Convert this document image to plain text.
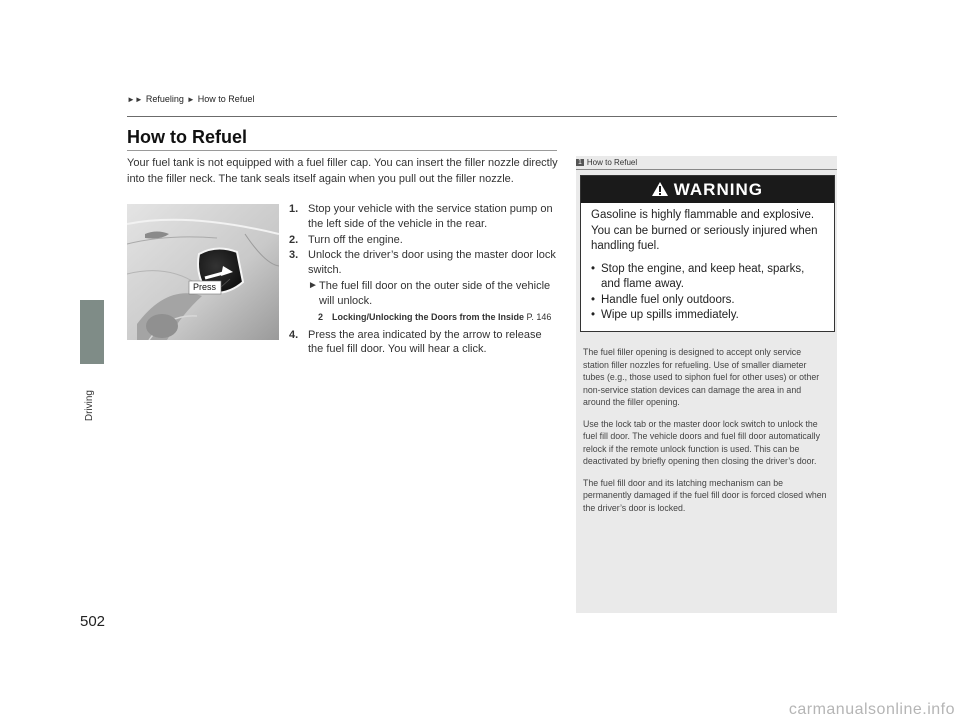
►► Refueling ► How to Refuel
Driving
502
How to Refuel
Your fuel tank is not equipped with a fuel filler cap. You can insert the filler nozzle directly into the filler neck. The tank seals itself again when you pull out the filler nozzle.
Press
1. Stop your vehicle with the service station pump on the left side of the vehicle in the rear.
2. Turn off the engine.
3. Unlock the driver’s door using the master door lock switch.
► The fuel fill door on the outer side of the vehicle will unlock.
2 Locking/Unlocking the Doors from the Inside P. 146
4. Press the area indicated by the arrow to release the fuel fill door. You will hear a click.
1 How to Refuel
WARNING
Gasoline is highly flammable and explosive. You can be burned or seriously injured when handling fuel.
• Stop the engine, and keep heat, sparks, and flame away.
• Handle fuel only outdoors.
• Wipe up spills immediately.

The fuel filler opening is designed to accept only service station filler nozzles for refueling. Use of smaller diameter tubes (e.g., those used to siphon fuel for other uses) or other non-service station devices can damage the area in and around the filler opening.

Use the lock tab or the master door lock switch to unlock the fuel fill door. The vehicle doors and fuel fill door automatically relock if the remote unlock function is used. This can be deactivated by briefly opening then closing the driver’s door.

The fuel fill door and its latching mechanism can be permanently damaged if the fuel fill door is forced closed when the driver’s door is locked.

carmanualsonline.info
